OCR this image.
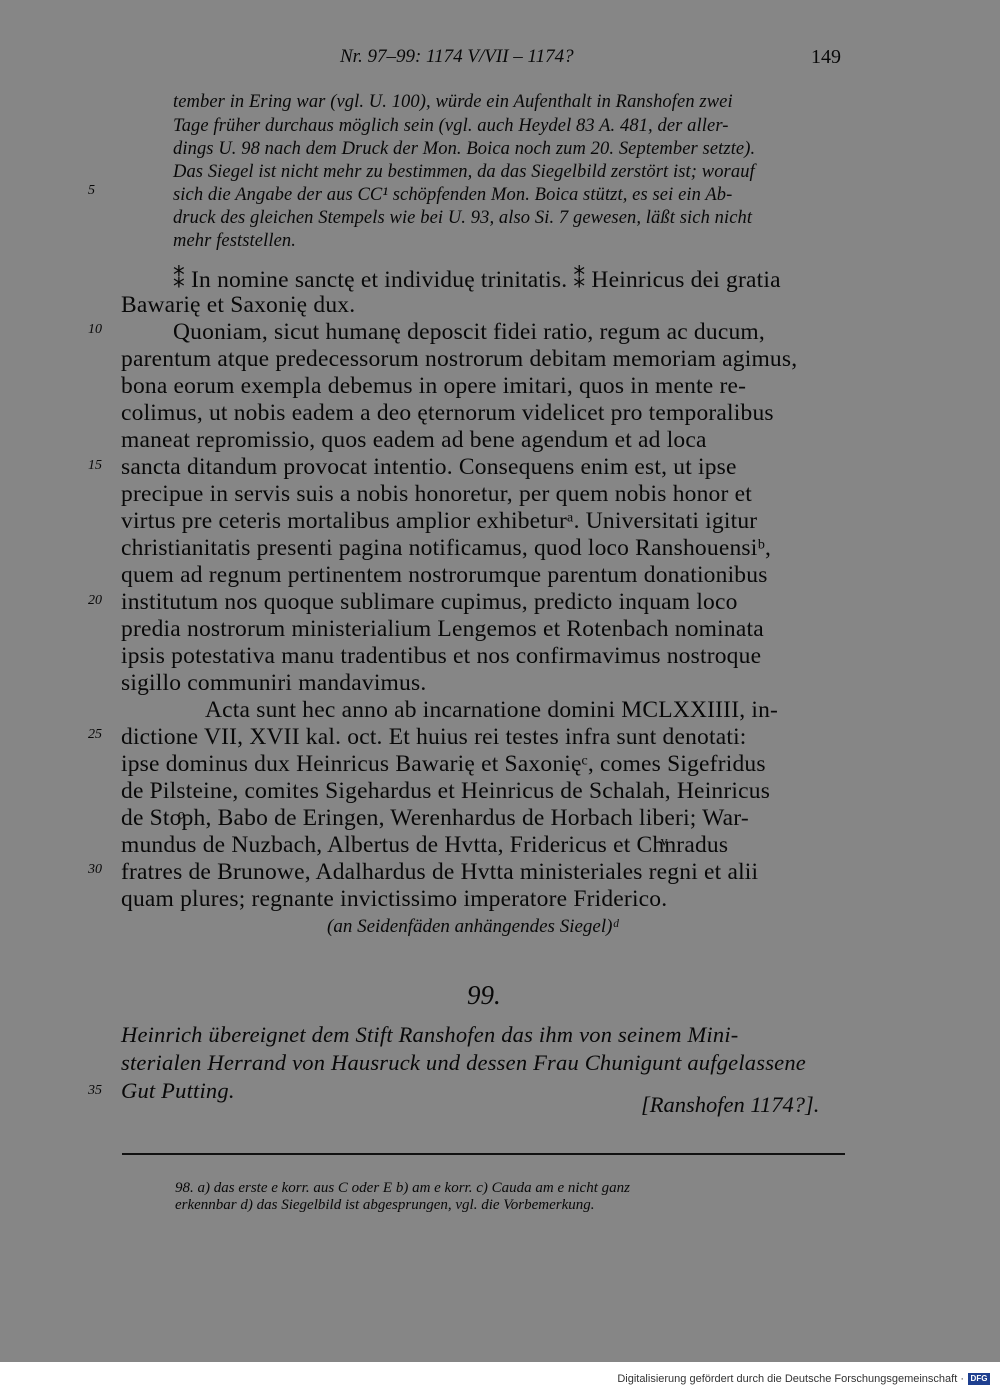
Nr. 97–99: 1174 V/VII – 1174?	149
tember in Ering war (vgl. U. 100), würde ein Aufenthalt in Ranshofen zwei
Tage früher durchaus möglich sein (vgl. auch Heydel 83 A. 481, der aller-
dings U. 98 nach dem Druck der Mon. Boica noch zum 20. September setzte).
Das Siegel ist nicht mehr zu bestimmen, da das Siegelbild zerstört ist; worauf
sich die Angabe der aus CC¹ schöpfenden Mon. Boica stützt, es sei ein Ab-
druck des gleichen Stempels wie bei U. 93, also Si. 7 gewesen, läßt sich nicht
mehr feststellen.
⁑ In nomine sanctę et individuę trinitatis. ⁑ Heinricus dei gratia
Bawarię et Saxonię dux.
Quoniam, sicut humanę deposcit fidei ratio, regum ac ducum,
parentum atque predecessorum nostrorum debitam memoriam agimus,
bona eorum exempla debemus in opere imitari, quos in mente re-
colimus, ut nobis eadem a deo ęternorum videlicet pro temporalibus
maneat repromissio, quos eadem ad bene agendum et ad loca
sancta ditandum provocat intentio. Consequens enim est, ut ipse
precipue in servis suis a nobis honoretur, per quem nobis honor et
virtus pre ceteris mortalibus amplior exhibeturᵃ. Universitati igitur
christianitatis presenti pagina notificamus, quod loco Ranshouensiᵇ,
quem ad regnum pertinentem nostrorumque parentum donationibus
institutum nos quoque sublimare cupimus, predicto inquam loco
predia nostrorum ministerialium Lengemos et Rotenbach nominata
ipsis potestativa manu tradentibus et nos confirmavimus nostroque
sigillo communiri mandavimus.
Acta sunt hec anno ab incarnatione domini MCLXXIIII, in-
dictione VII, XVII kal. oct. Et huius rei testes infra sunt denotati:
ipse dominus dux Heinricus Bawarię et Saxonięᶜ, comes Sigefridus
de Pilsteine, comites Sigehardus et Heinricus de Schalah, Heinricus
de Stoͦph, Babo de Eringen, Werenhardus de Horbach liberi; War-
mundus de Nuzbach, Albertus de Hvtta, Fridericus et Chͮnradus
fratres de Brunowe, Adalhardus de Hvtta ministeriales regni et alii
quam plures; regnante invictissimo imperatore Friderico.
(an Seidenfäden anhängendes Siegel)ᵈ
99.
Heinrich übereignet dem Stift Ranshofen das ihm von seinem Mini-
sterialen Herrand von Hausruck und dessen Frau Chunigunt aufgelassene
Gut Putting.
[Ranshofen 1174?].
5
10
15
20
25
30
35
98. a) das erste e korr. aus C oder E b) am e korr. c) Cauda am e nicht ganz
erkennbar d) das Siegelbild ist abgesprungen, vgl. die Vorbemerkung.
Digitalisierung gefördert durch die Deutsche Forschungsgemeinschaft · DFG
